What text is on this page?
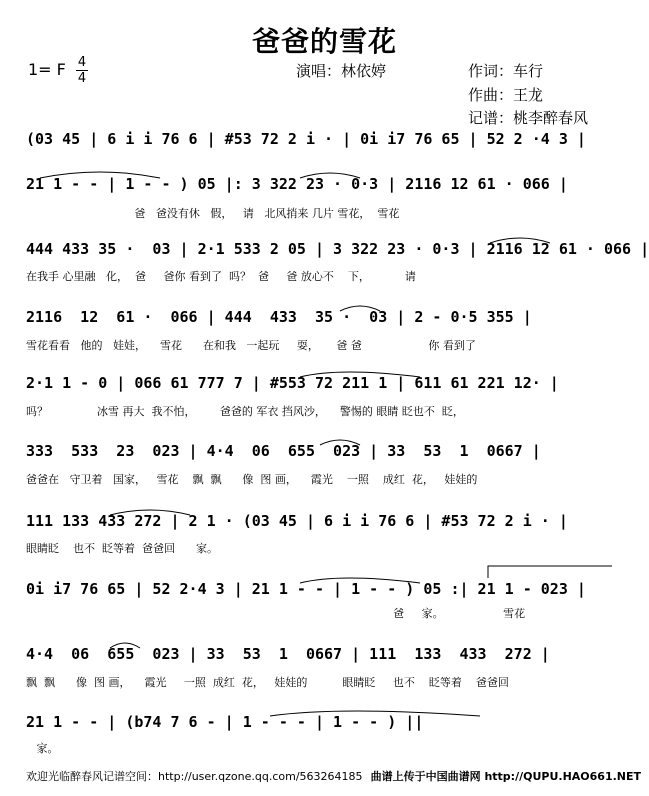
爸爸的雪花
1= F 4
4	演唱：林依婷	作词：车行
作曲：王龙
记谱：桃李醉春风
(03 45 | 6 i i 76 6 | #53 72 2 i · | 0i i7 76 65 | 52 2 ·4 3 |
21 1 - - | 1 - - ) 05 |: 3 322 23 · 0·3 | 2116 12 61 · 066 |
爸   爸没有休   假，   请   北风捎来 几片 雪花，  雪花
444 433 35 ·  03 | 2·1 533 2 05 | 3 322 23 · 0·3 | 2116 12 61 · 066 |
在我手 心里融   化，  爸     爸你 看到了  吗？  爸     爸 放心不    下，          请
2116  12  61 ·  066 | 444  433  35 ·  03 | 2 - 0·5 355 |
雪花看看   他的   娃娃，    雪花      在和我   一起玩     耍，     爸 爸                   你 看到了
2·1 1 - 0 | 066 61 777 7 | #553 72 211 1 | 611 61 221 12· |
吗？              冰雪 再大  我不怕，       爸爸的 军衣 挡风沙，    警惕的 眼睛 眨也不  眨，
333  533  23  023 | 4·4  06  655  023 | 33  53  1  0667 |
爸爸在   守卫着   国家，   雪花    飘  飘      像  图 画，    霞光    一照    成红  花，   娃娃的
111 133 433 272 | 2 1 · (03 45 | 6 i i 76 6 | #53 72 2 i · |
眼睛眨    也不  眨等着  爸爸回      家。
0i i7 76 65 | 52 2·4 3 | 21 1 - - | 1 - - ) 05 :| 21 1 - 023 |
爸     家。                 雪花
4·4  06  655  023 | 33  53  1  0667 | 111  133  433  272 |
飘  飘      像  图 画，    霞光     一照  成红  花，   娃娃的          眼睛眨     也不    眨等着    爸爸回
21 1 - - | (b74 7 6 - | 1 - - - | 1 - - ) ||
家。
欢迎光临醉春风记谱空间：http://user.qzone.qq.com/563264185 曲谱上传于中国曲谱网 http://QUPU.HAO661.NET
